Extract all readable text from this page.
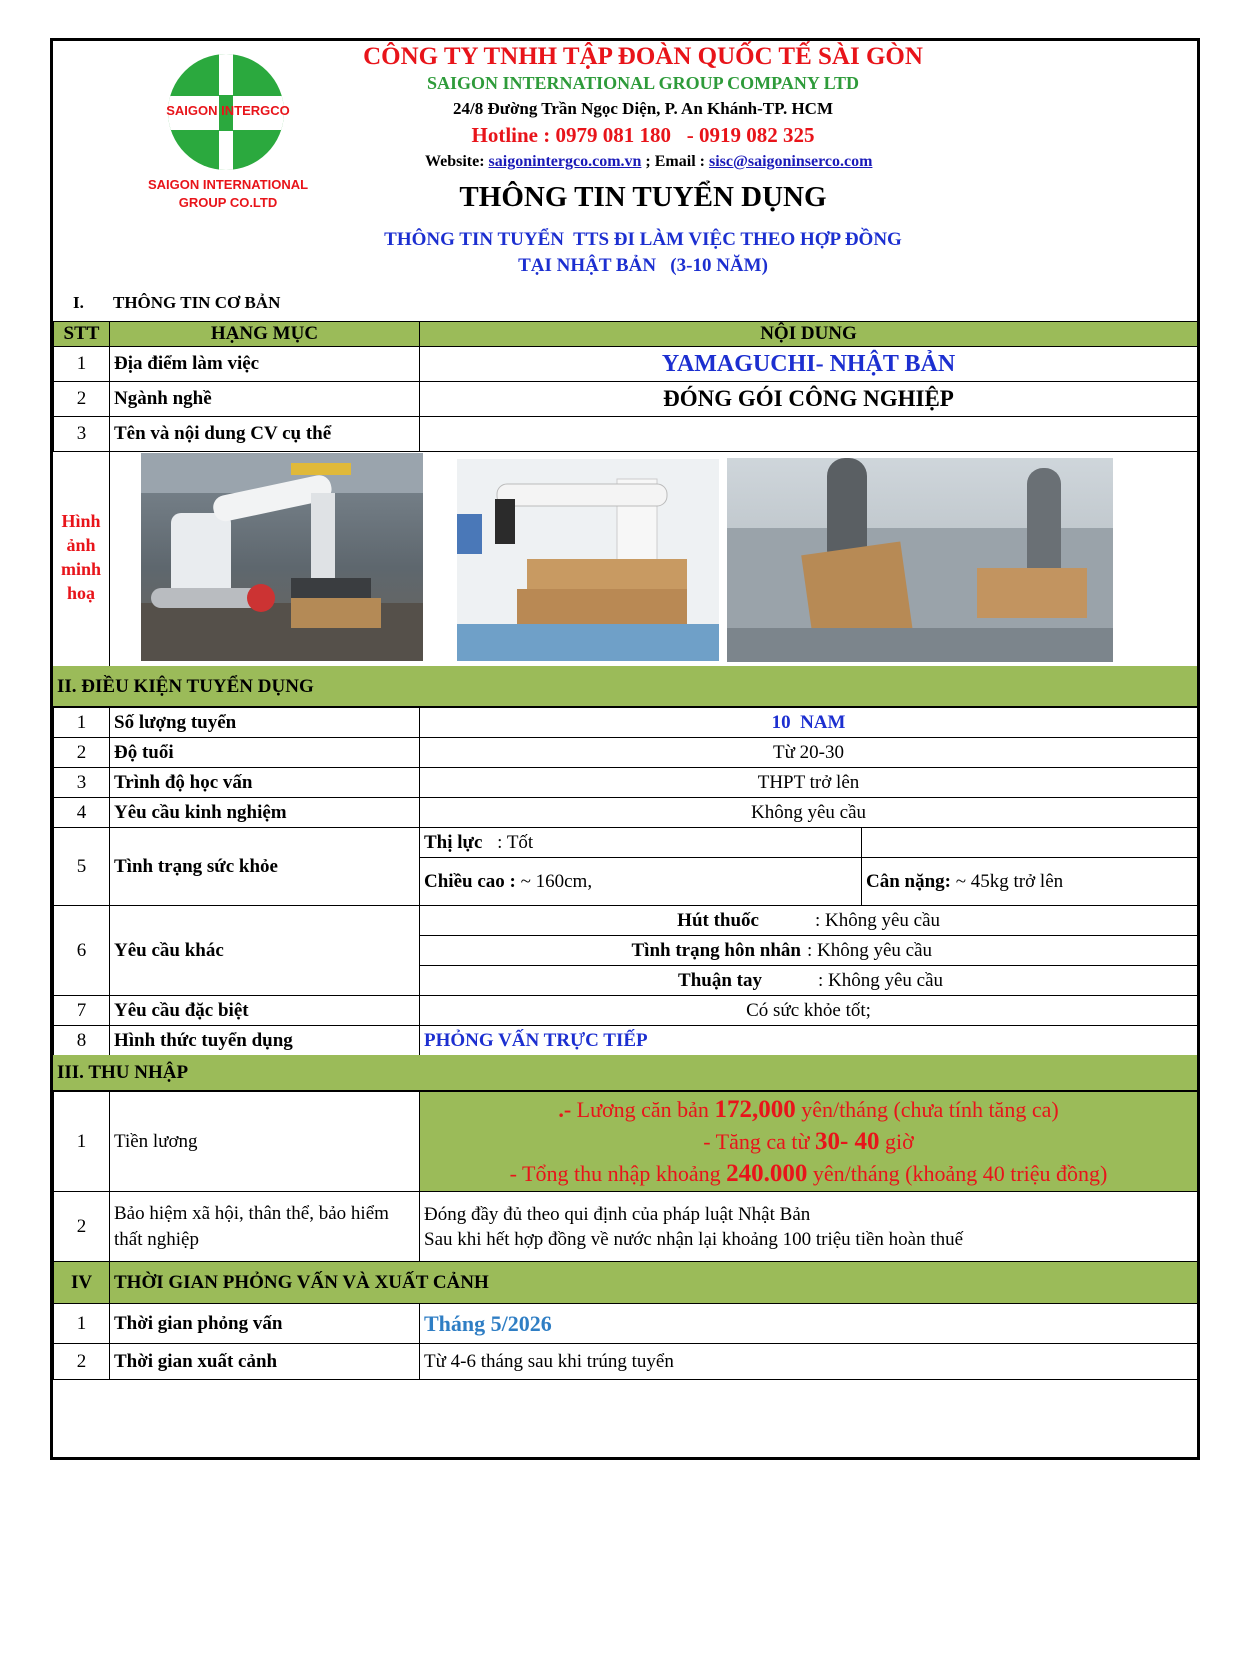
SAIGON INTERGCO
SAIGON INTERNATIONAL
GROUP CO.LTD
CÔNG TY TNHH TẬP ĐOÀN QUỐC TẾ SÀI GÒN
SAIGON INTERNATIONAL GROUP COMPANY LTD
24/8 Đường Trần Ngọc Diện, P. An Khánh-TP. HCM
Hotline : 0979 081 180   - 0919 082 325
Website: saigonintergco.com.vn ; Email : sisc@saigoninserco.com
THÔNG TIN TUYỂN DỤNG
THÔNG TIN TUYỂN  TTS ĐI LÀM VIỆC THEO HỢP ĐỒNG
TẠI NHẬT BẢN   (3-10 NĂM)
I. THÔNG TIN CƠ BẢN
STT	HẠNG MỤC	NỘI DUNG
1	Địa điểm làm việc	YAMAGUCHI- NHẬT BẢN
2	Ngành nghề	ĐÓNG GÓI CÔNG NGHIỆP
3	Tên và nội dung CV cụ thể	
Hình
ảnh
minh
hoạ
II. ĐIỀU KIỆN TUYỂN DỤNG
1	Số lượng tuyển	10  NAM	
2	Độ tuổi	Từ 20-30	
3	Trình độ học vấn	THPT trở lên	
4	Yêu cầu kinh nghiệm	Không yêu cầu	
5	Tình trạng sức khỏe	Thị lực : Tốt	
		Chiều cao : ~ 160cm,	Cân nặng: ~ 45kg trở lên
6	Yêu cầu khác	Hút thuốc : Không yêu cầu	
		Tình trạng hôn nhân : Không yêu cầu	
		Thuận tay : Không yêu cầu	
7	Yêu cầu đặc biệt	Có sức khỏe tốt;	
8	Hình thức tuyển dụng	PHỎNG VẤN TRỰC TIẾP	
III. THU NHẬP
1	Tiền lương	.- Lương căn bản 172,000 yên/tháng (chưa tính tăng ca)
- Tăng ca từ 30- 40 giờ
- Tổng thu nhập khoảng 240.000 yên/tháng (khoảng 40 triệu đồng)

2	Bảo hiệm xã hội, thân thể, bảo hiểm thất nghiệp	Đóng đầy đủ theo qui định của pháp luật Nhật Bản
Sau khi hết hợp đồng về nước nhận lại khoảng 100 triệu tiền hoàn thuế
IV	THỜI GIAN PHỎNG VẤN VÀ XUẤT CẢNH	
1	Thời gian phỏng vấn	Tháng 5/2026
2	Thời gian xuất cảnh	Từ 4-6 tháng sau khi trúng tuyển
